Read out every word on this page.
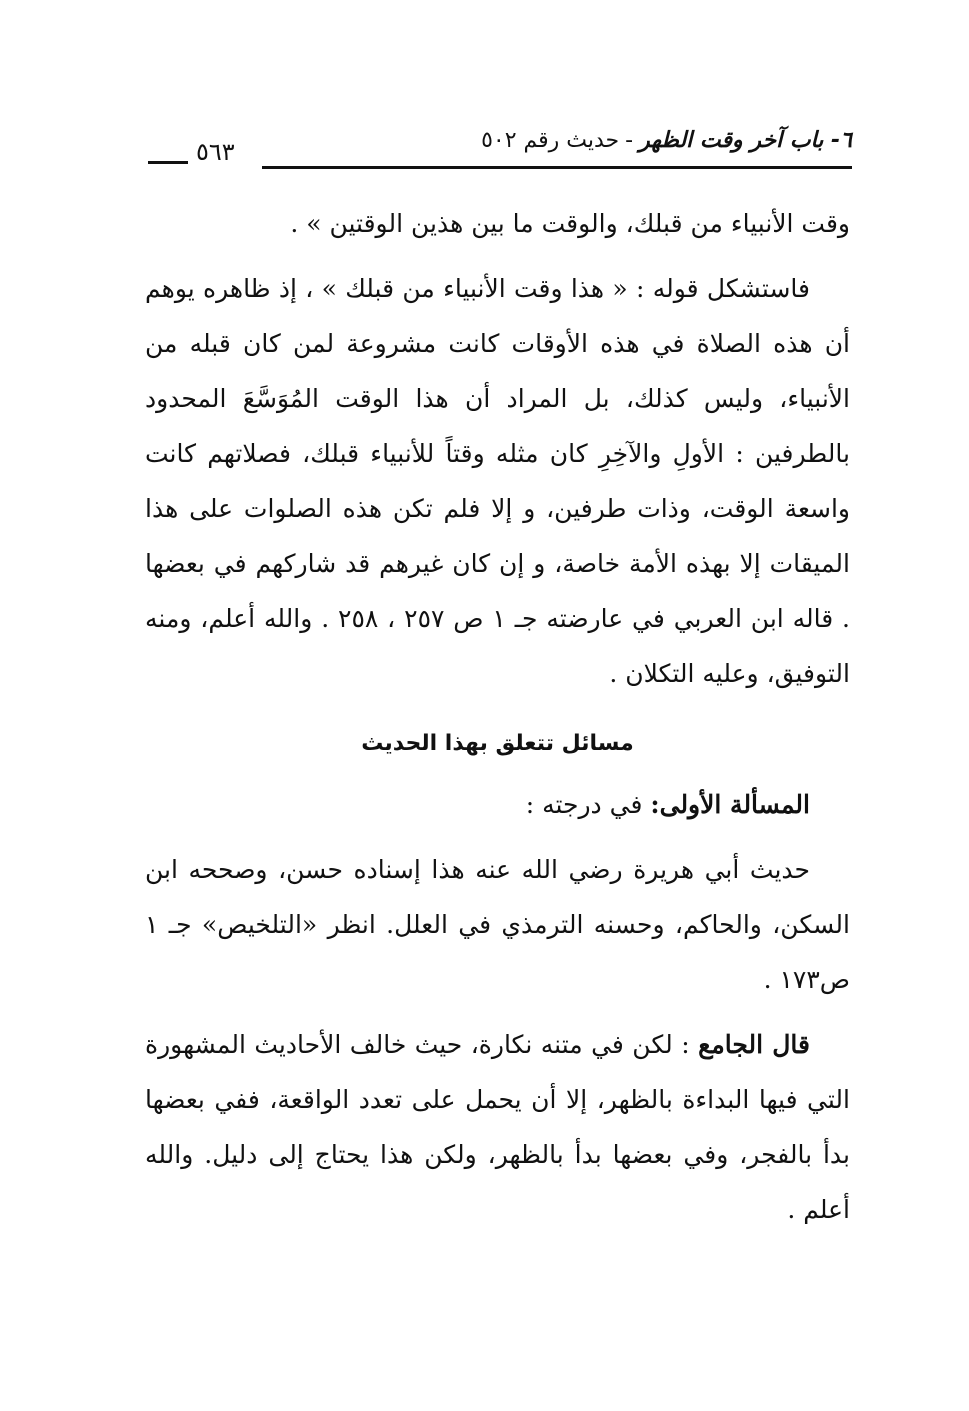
٦- باب آخر وقت الظهر-حديث رقم ٥٠٢
٥٦٣

وقت الأنبياء من قبلك، والوقت ما بين هذين الوقتين » .

فاستشكل قوله : « هذا وقت الأنبياء من قبلك » ، إذ ظاهره يوهم أن هذه الصلاة في هذه الأوقات كانت مشروعة لمن كان قبله من الأنبياء، وليس كذلك، بل المراد أن هذا الوقت المُوَسَّعَ المحدود بالطرفين : الأولِ والآخِرِ كان مثله وقتاً للأنبياء قبلك، فصلاتهم كانت واسعة الوقت، وذات طرفين، و إلا فلم تكن هذه الصلوات على هذا الميقات إلا بهذه الأمة خاصة، و إن كان غيرهم قد شاركهم في بعضها . قاله ابن العربي في عارضته جـ ١ ص ٢٥٧ ، ٢٥٨ . والله أعلم، ومنه التوفيق، وعليه التكلان .

مسائل تتعلق بهذا الحديث

المسألة الأولى: في درجته :

حديث أبي هريرة رضي الله عنه هذا إسناده حسن، وصححه ابن السكن، والحاكم، وحسنه الترمذي في العلل. انظر «التلخيص» جـ ١ ص١٧٣ .

قال الجامع : لكن في متنه نكارة، حيث خالف الأحاديث المشهورة التي فيها البداءة بالظهر، إلا أن يحمل على تعدد الواقعة، ففي بعضها بدأ بالفجر، وفي بعضها بدأ بالظهر، ولكن هذا يحتاج إلى دليل. والله أعلم .
